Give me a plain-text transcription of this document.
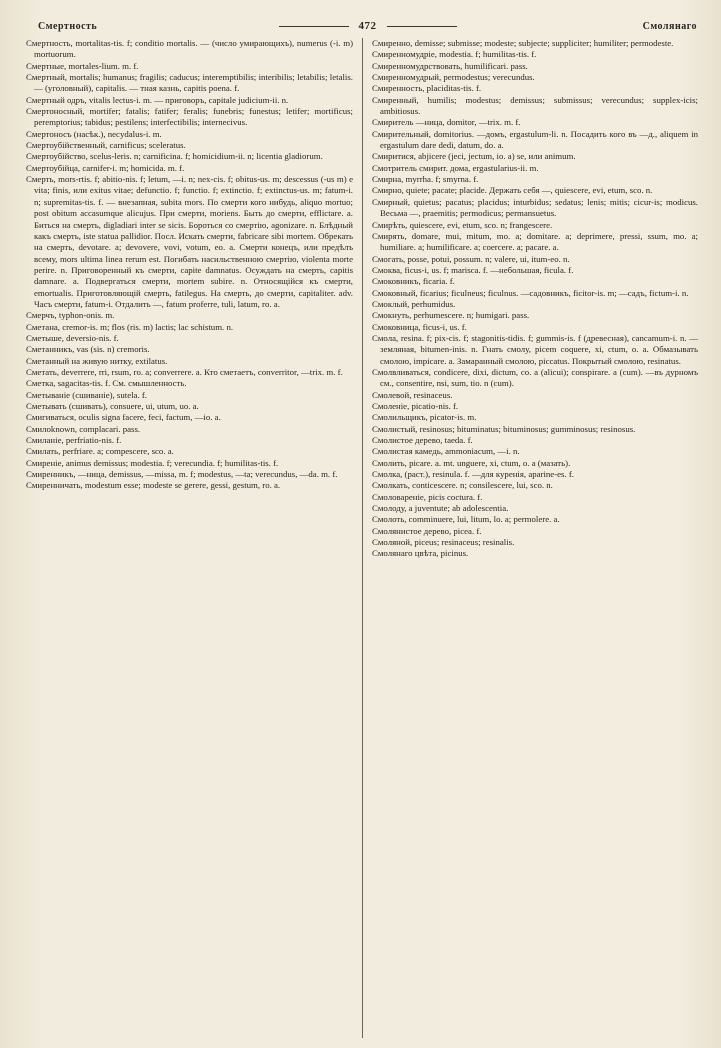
Смертность	472	Смолянаго

Смертность, mortalitas-tis. f; conditio mortalis. — (число умирающихъ), numerus (-i. m) mortuorum.

Смертные, mortales-lium. m. f.

Смертный, mortalis; humanus; fragilis; caducus; interemptibilis; interibilis; letabilis; letalis. — (уголовный), capitalis. — тная казнь, capitis poena. f.

Смертный одръ, vitalis lectus-i. m. — приговоръ, capitale judicium-ii. n.

Смертоносный, mortifer; fatalis; fatifer; feralis; funebris; funestus; letifer; mortificus; peremptorius; tabidus; pestilens; interfectibilis; internecivus.

Смертоносъ (насѣк.), necydalus-i. m.

Смертоубійственный, carnificus; sceleratus.

Смертоубійство, scelus-leris. n; carnificina. f; homicidium-ii. n; licentia gladiorum.

Смертоубійца, carnifer-i. m; homicida. m. f.

Смерть, mors-rtis. f; abitio-nis. f; letum, —i. n; nex-cis. f; obitus-us. m; descessus (-us m) e vita; finis, или exitus vitae; defunctio. f; functio. f; extinctio. f; extinctus-us. m; fatum-i. n; supremitas-tis. f. — внезапная, subita mors. По смерти кого нибудь, aliquo mortuo; post obitum accasumque alicujus. При смерти, moriens. Быть до смерти, efflictare. a. Биться на смерть, digladiari inter se sicis. Бороться со смертію, agonizare. n. Блѣдный какъ смерть, iste statua pallidior. Посл. Искать смерти, fabricare sibi mortem. Обрекать на смерть, devotare. a; devovere, vovi, votum, eo. a. Смерти конецъ, или предѣлъ всему, mors ultima linea rerum est. Погибать насильственною смертію, violenta morte perire. n. Приговоренный къ смерти, capite damnatus. Осуждать на смерть, capitis damnare. a. Подвергаться смерти, mortem subire. n. Относящійся къ смерти, emortualis. Приготовляющій смерть, fatilegus. На смерть, до смерти, capitaliter. adv. Часъ смерти, fatum-i. Отдалить —, fatum proferre, tuli, latum, ro. a.

Смерчъ, typhon-onis. m.

Сметана, cremor-is. m; flos (ris. m) lactis; lac schistum. n.

Сметыше, deversio-nis. f.

Сметанникъ, vas (sis. n) cremoris.

Сметанный на живую нитку, extilatus.

Сметать, deverrere, rri, rsum, ro. a; converrere. a. Кто сметаетъ, converritor, —trix. m. f.

Сметка, sagacitas-tis. f. См. смышленность.

Сметываніе (сшиваніе), sutela. f.

Сметывать (сшивать), consuere, ui, utum, uo. a.

Смигиваться, oculis signa facere, feci, factum, —io. a.

Смилоknown, complacari. pass.

Смиланіе, perfriatio-nis. f.

Смилать, perfriare. a; compescere, sco. a.

Смиреніе, animus demissus; modestia. f; verecundia. f; humilitas-tis. f.

Смиренникъ, —ница, demissus, —missa, m. f; modestus, —ta; verecundus, —da. m. f.

Смиренничать, modestum esse; modeste se gerere, gessi, gestum, ro. a.

Смиренно, demisse; submisse; modeste; subjecte; suppliciter; humiliter; permodeste.

Смиренномудріе, modestia. f; humilitas-tis. f.

Смиренномудрствовать, humilificari. pass.

Смиренномудрый, permodestus; verecundus.

Смиренность, placiditas-tis. f.

Смиренный, humilis; modestus; demissus; submissus; verecundus; supplex-icis; ambitiosus.

Смиритель —ница, domitor, —trix. m. f.

Смирительный, domitorius. —домъ, ergastulum-li. n. Посадить кого въ —д., aliquem in ergastulum dare dedi, datum, do. a.

Смиритися, abjicere (jeci, jectum, io. a) se, или animum.

Смотритель смирит. дома, ergastularius-ii. m.

Смирна, myrrha. f; smyrna. f.

Смирно, quiete; pacate; placide. Держать себя —, quiescere, evi, etum, sco. n.

Смирный, quietus; pacatus; placidus; inturbidus; sedatus; lenis; mitis; cicur-is; modicus. Весьма —, praemitis; permodicus; permansuetus.

Смирѣть, quiescere, evi, etum, sco. n; frangescere.

Смирять, domare, mui, mitum, mo. a; domitare. a; deprimere, pressi, ssum, mo. a; humiliare. a; humilificare. a; coercere. a; pacare. a.

Смогать, posse, potui, possum. n; valere, ui, itum-eo. n.

Смоква, ficus-i, us. f; marisca. f. —небольшая, ficula. f.

Смоковникъ, ficaria. f.

Смоковный, ficarius; ficulneus; ficulnus. —садовникъ, ficitor-is. m; —садъ, fictum-i. n.

Смоклый, perhumidus.

Смокнуть, perhumescere. n; humigari. pass.

Смоковница, ficus-i, us. f.

Смола, resina. f; pix-cis. f; stagonitis-tidis. f; gummis-is. f (древесная), cancamum-i. n. —земляная, bitumen-inis. n. Гнать смолу, picem coquere, xi, ctum, o. a. Обмазывать смолою, impicare. a. Замаранный смолою, piccatus. Покрытый смолою, resinatus.

Смолвливаться, condicere, dixi, dictum, co. a (alicui); conspirare. a (cum). —въ дурномъ см., consentire, nsi, sum, tio. n (cum).

Смолевой, resinaceus.

Смоленіе, picatio-nis. f.

Смолильщикъ, picator-is. m.

Смолистый, resinosus; bituminatus; bituminosus; gumminosus; resinosus.

Смолистое дерево, taeda. f.

Смолистая камедь, ammoniacum, —i. n.

Смолить, picare. a. mt. unguere, xi, ctum, o. a (мазать).

Смолка, (раст.), resinula. f. —для куренія, aparine-es. f.

Смолкать, conticescere. n; consilescere, lui, sco. n.

Смоловареніе, picis coctura. f.

Смолоду, a juventute; ab adolescentia.

Смолоть, comminuere, lui, litum, lo. a; permolere. a.

Смолянистое дерево, picea. f.

Смоляной, piceus; resinaceus; resinalis.

Смолянаго цвѣта, picinus.
